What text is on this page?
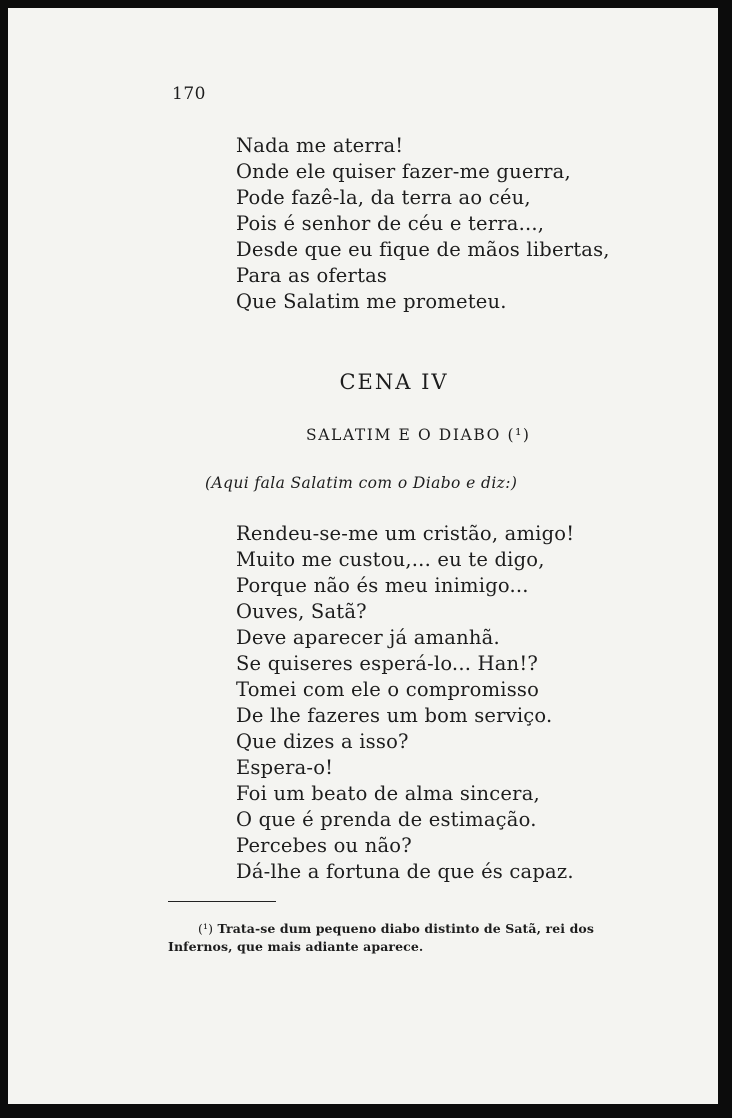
170
Nada me aterra!
Onde ele quiser fazer-me guerra,
Pode fazê-la, da terra ao céu,
Pois é senhor de céu e terra...,
Desde que eu fique de mãos libertas,
Para as ofertas
Que Salatim me prometeu.
CENA IV
SALATIM E O DIABO (¹)
(Aqui fala Salatim com o Diabo e diz:)
Rendeu-se-me um cristão, amigo!
Muito me custou,... eu te digo,
Porque não és meu inimigo...
Ouves, Satã?
Deve aparecer já amanhã.
Se quiseres esperá-lo... Han!?
Tomei com ele o compromisso
De lhe fazeres um bom serviço.
Que dizes a isso?
Espera-o!
Foi um beato de alma sincera,
O que é prenda de estimação.
Percebes ou não?
Dá-lhe a fortuna de que és capaz.
(¹) Trata-se dum pequeno diabo distinto de Satã, rei dos Infernos, que mais adiante aparece.
